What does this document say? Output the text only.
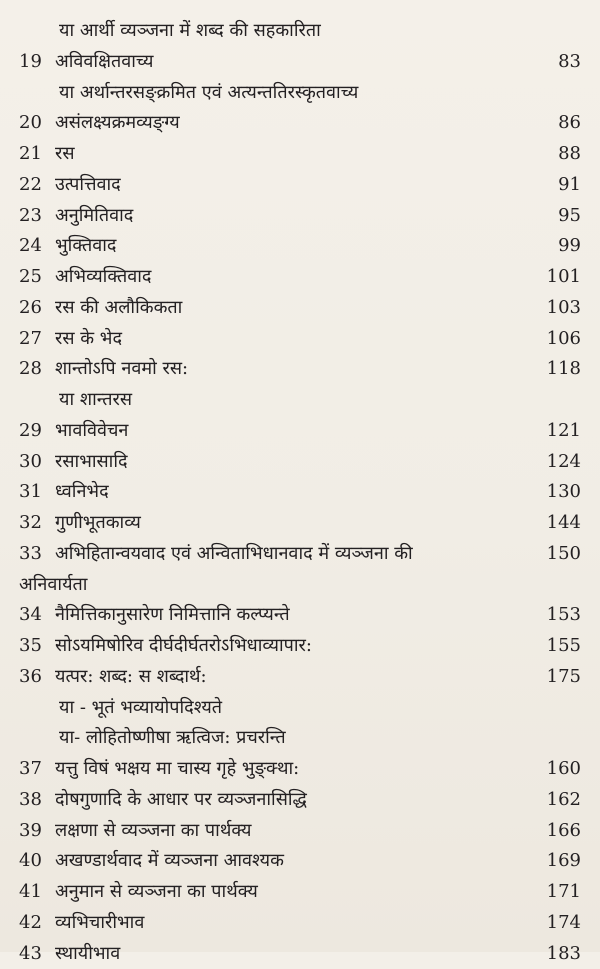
या आर्थी व्यञ्जना में शब्द की सहकारिता
19 अविवक्षितवाच्य	83
या अर्थान्तरसङ्क्रमित एवं अत्यन्ततिरस्कृतवाच्य
20 असंलक्ष्यक्रमव्यङ्ग्य	86
21 रस	88
22 उत्पत्तिवाद	91
23 अनुमितिवाद	95
24 भुक्तिवाद	99
25 अभिव्यक्तिवाद	101
26 रस की अलौकिकता	103
27 रस के भेद	106
28 शान्तोऽपि नवमो रस:	118
या शान्तरस
29 भावविवेचन	121
30 रसाभासादि	124
31 ध्वनिभेद	130
32 गुणीभूतकाव्य	144
33 अभिहितान्वयवाद एवं अन्विताभिधानवाद में व्यञ्जना की	150
अनिवार्यता
34 नैमित्तिकानुसारेण निमित्तानि कल्प्यन्ते	153
35 सोऽयमिषोरिव दीर्घदीर्घतरोऽभिधाव्यापार:	155
36 यत्पर: शब्द: स शब्दार्थ:	175
या - भूतं भव्यायोपदिश्यते
या- लोहितोष्णीषा ऋत्विज: प्रचरन्ति
37 यत्तु विषं भक्षय मा चास्य गृहे भुङ्क्था:	160
38 दोषगुणादि के आधार पर व्यञ्जनासिद्धि	162
39 लक्षणा से व्यञ्जना का पार्थक्य	166
40 अखण्डार्थवाद में व्यञ्जना आवश्यक	169
41 अनुमान से व्यञ्जना का पार्थक्य	171
42 व्यभिचारीभाव	174
43 स्थायीभाव	183
